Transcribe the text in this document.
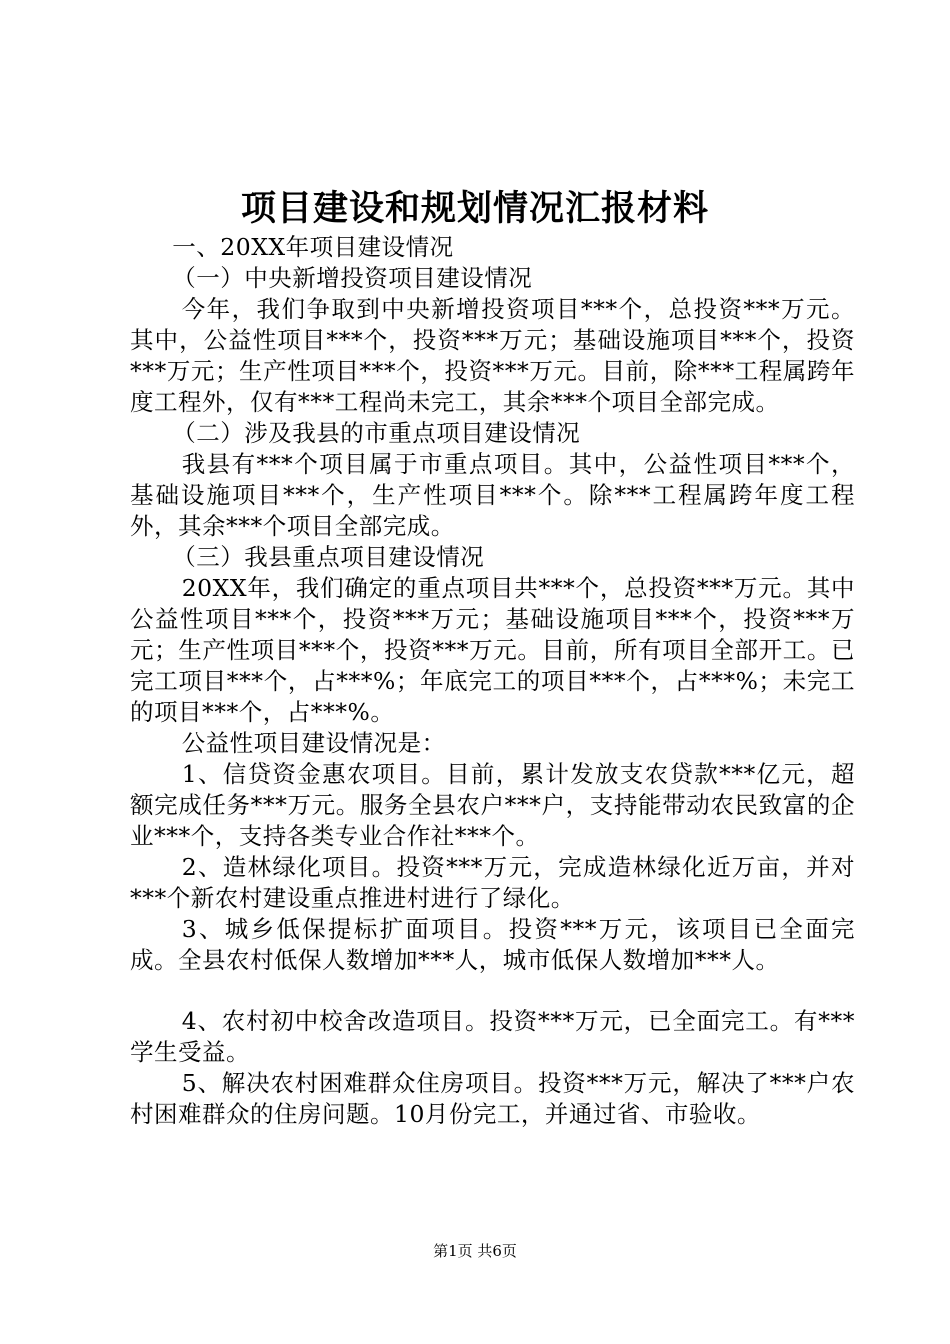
项目建设和规划情况汇报材料

一、20XX年项目建设情况

（一）中央新增投资项目建设情况

今年，我们争取到中央新增投资项目***个，总投资***万元。其中，公益性项目***个，投资***万元；基础设施项目***个，投资***万元；生产性项目***个，投资***万元。目前，除***工程属跨年度工程外，仅有***工程尚未完工，其余***个项目全部完成。

（二）涉及我县的市重点项目建设情况

我县有***个项目属于市重点项目。其中，公益性项目***个，基础设施项目***个，生产性项目***个。除***工程属跨年度工程外，其余***个项目全部完成。

（三）我县重点项目建设情况

20XX年，我们确定的重点项目共***个，总投资***万元。其中公益性项目***个，投资***万元；基础设施项目***个，投资***万元；生产性项目***个，投资***万元。目前，所有项目全部开工。已完工项目***个，占***%；年底完工的项目***个，占***%；未完工的项目***个，占***%。

公益性项目建设情况是：

1、信贷资金惠农项目。目前，累计发放支农贷款***亿元，超额完成任务***万元。服务全县农户***户，支持能带动农民致富的企业***个，支持各类专业合作社***个。

2、造林绿化项目。投资***万元，完成造林绿化近万亩，并对***个新农村建设重点推进村进行了绿化。

3、城乡低保提标扩面项目。投资***万元，该项目已全面完成。全县农村低保人数增加***人，城市低保人数增加***人。

4、农村初中校舍改造项目。投资***万元，已全面完工。有***学生受益。

5、解决农村困难群众住房项目。投资***万元，解决了***户农村困难群众的住房问题。10月份完工，并通过省、市验收。

第1页 共6页
